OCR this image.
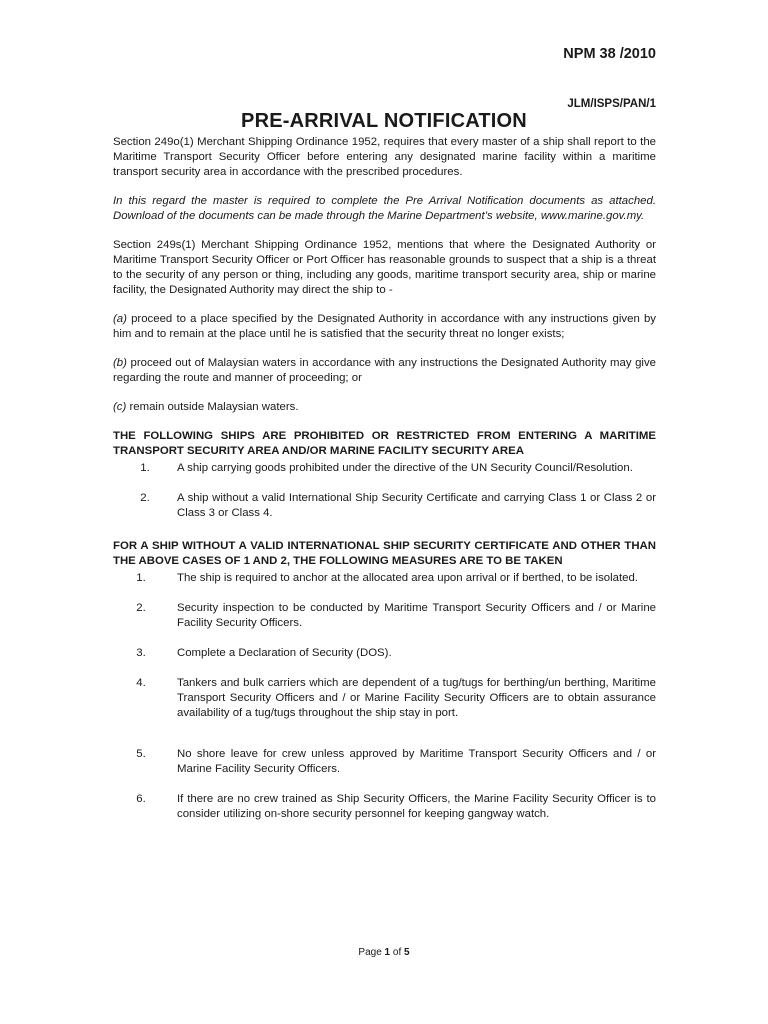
NPM 38 /2010
JLM/ISPS/PAN/1
PRE-ARRIVAL NOTIFICATION

Section 249o(1) Merchant Shipping Ordinance 1952, requires that every master of a ship shall report to the Maritime Transport Security Officer before entering any designated marine facility within a maritime transport security area in accordance with the prescribed procedures.

In this regard the master is required to complete the Pre Arrival Notification documents as attached. Download of the documents can be made through the Marine Department’s website, www.marine.gov.my.

Section 249s(1) Merchant Shipping Ordinance 1952, mentions that where the Designated Authority or Maritime Transport Security Officer or Port Officer has reasonable grounds to suspect that a ship is a threat to the security of any person or thing, including any goods, maritime transport security area, ship or marine facility, the Designated Authority may direct the ship to -

(a) proceed to a place specified by the Designated Authority in accordance with any instructions given by him and to remain at the place until he is satisfied that the security threat no longer exists;

(b) proceed out of Malaysian waters in accordance with any instructions the Designated Authority may give regarding the route and manner of proceeding; or

(c) remain outside Malaysian waters.

THE FOLLOWING SHIPS ARE PROHIBITED OR RESTRICTED FROM ENTERING A MARITIME TRANSPORT SECURITY AREA AND/OR MARINE FACILITY SECURITY AREA
1.	A ship carrying goods prohibited under the directive of the UN Security Council/Resolution.
2.	A ship without a valid International Ship Security Certificate and carrying Class 1 or Class 2 or Class 3 or Class 4.
FOR A SHIP WITHOUT A VALID INTERNATIONAL SHIP SECURITY CERTIFICATE AND OTHER THAN THE ABOVE CASES OF 1 AND 2, THE FOLLOWING MEASURES ARE TO BE TAKEN
1.	The ship is required to anchor at the allocated area upon arrival or if berthed, to be isolated.
2.	Security inspection to be conducted by Maritime Transport Security Officers and / or Marine Facility Security Officers.
3.	Complete a Declaration of Security (DOS).
4.	Tankers and bulk carriers which are dependent of a tug/tugs for berthing/un berthing, Maritime Transport Security Officers and / or Marine Facility Security Officers are to obtain assurance availability of a tug/tugs throughout the ship stay in port.
5.	No shore leave for crew unless approved by Maritime Transport Security Officers and / or Marine Facility Security Officers.
6.	If there are no crew trained as Ship Security Officers, the Marine Facility Security Officer is to consider utilizing on-shore security personnel for keeping gangway watch.
Page 1 of 5
